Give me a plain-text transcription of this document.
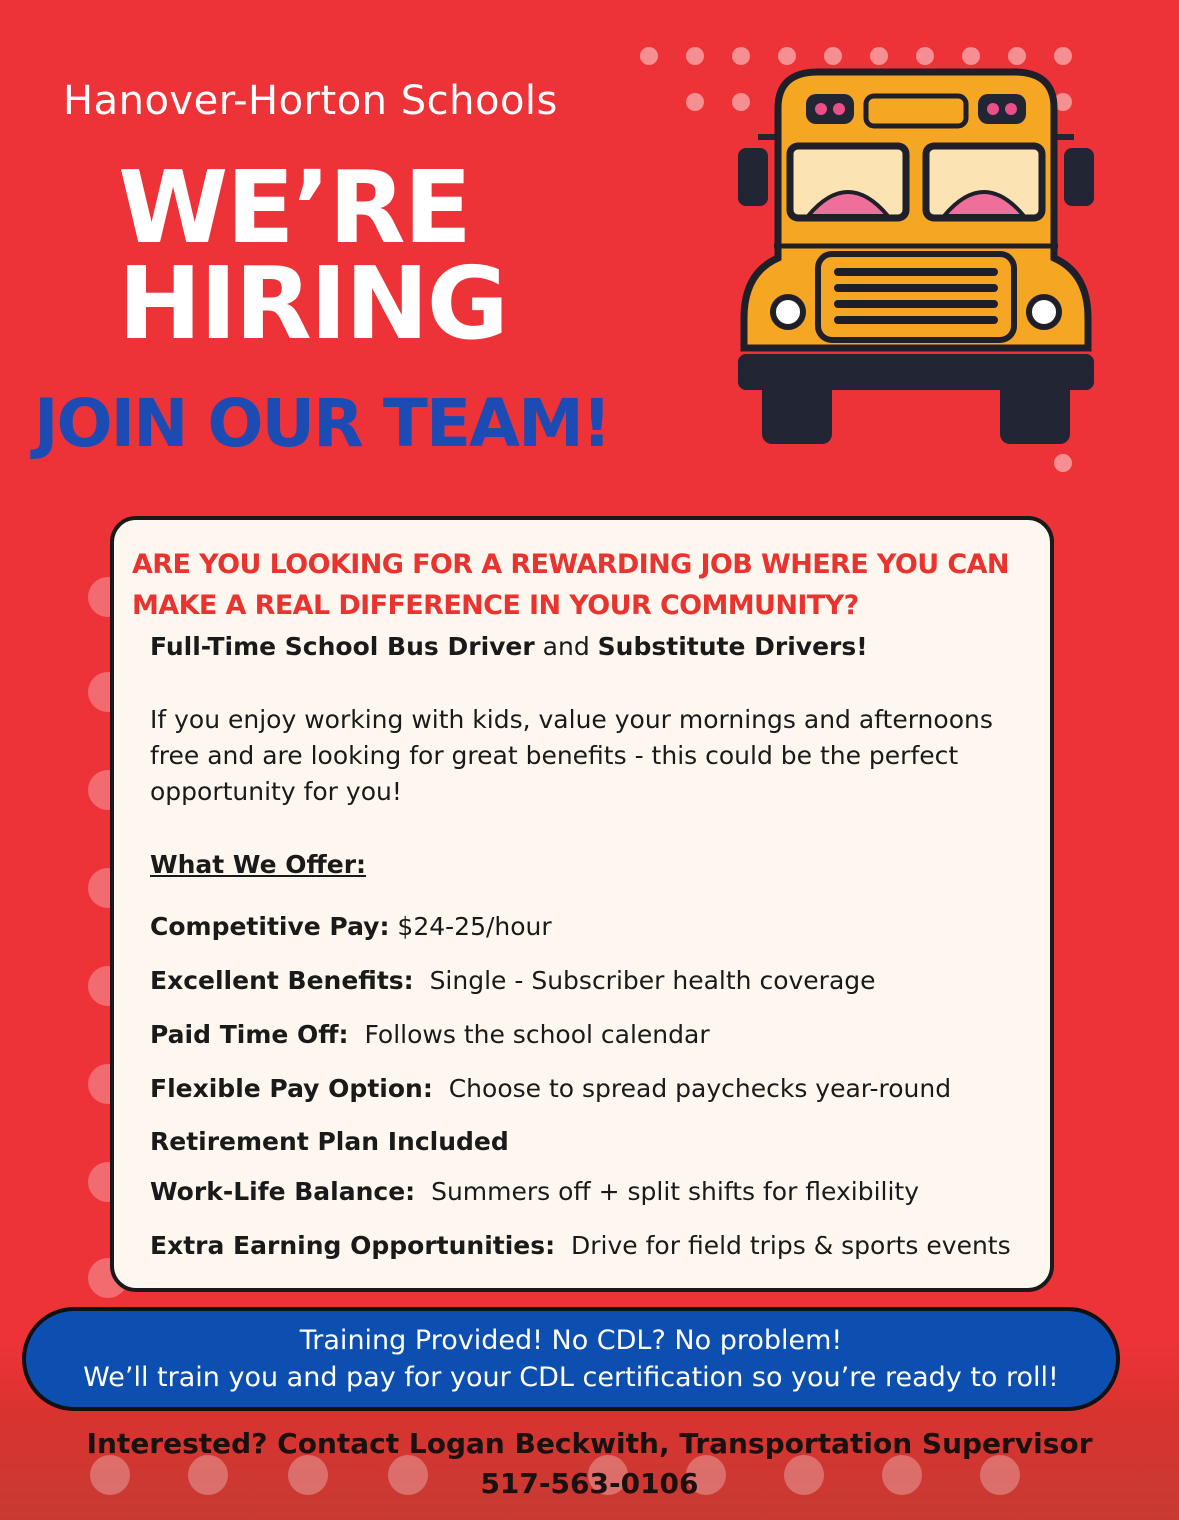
Hanover-Horton Schools
WE’RE
HIRING
JOIN OUR TEAM!
ARE YOU LOOKING FOR A REWARDING JOB WHERE YOU CAN
MAKE A REAL DIFFERENCE IN YOUR COMMUNITY?
Full-Time School Bus Driver and Substitute Drivers!
If you enjoy working with kids, value your mornings and afternoons free and are looking for great benefits - this could be the perfect opportunity for you!
What We Offer:
Competitive Pay: $24-25/hour
Excellent Benefits: Single - Subscriber health coverage
Paid Time Off: Follows the school calendar
Flexible Pay Option: Choose to spread paychecks year-round
Retirement Plan Included
Work-Life Balance: Summers off + split shifts for flexibility
Extra Earning Opportunities: Drive for field trips & sports events
Training Provided! No CDL? No problem!
We’ll train you and pay for your CDL certification so you’re ready to roll!
Interested? Contact Logan Beckwith, Transportation Supervisor
517-563-0106
